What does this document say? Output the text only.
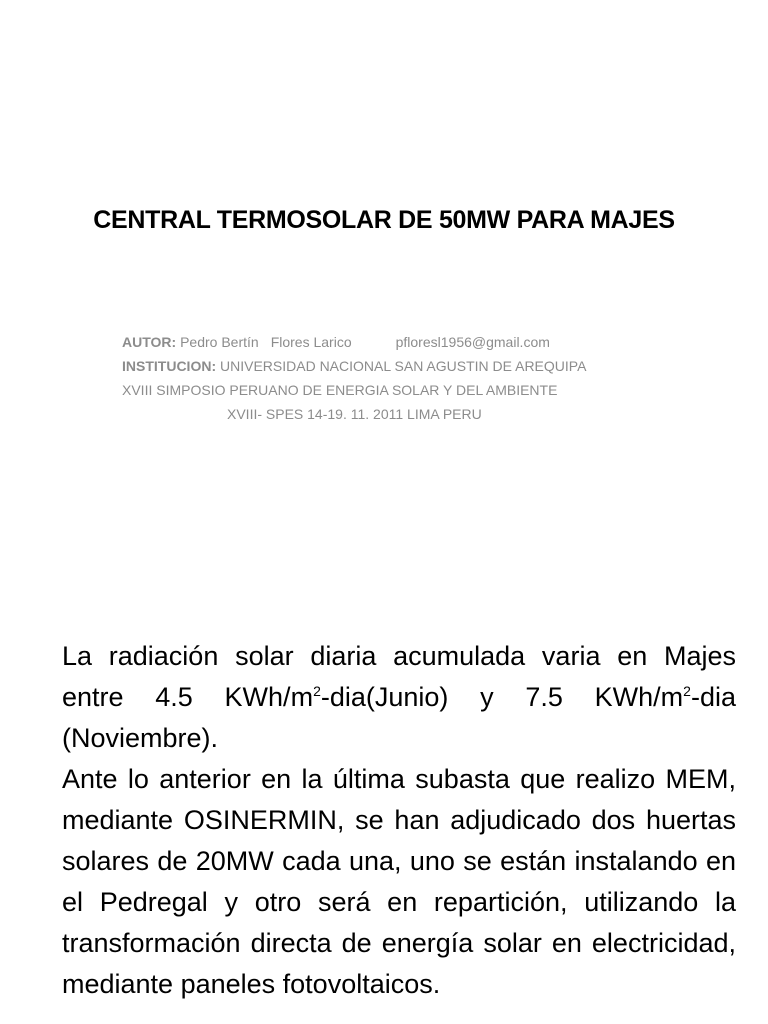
CENTRAL TERMOSOLAR DE 50MW PARA MAJES
AUTOR: Pedro Bertín Flores Larico	pfloresl1956@gmail.com
INSTITUCION: UNIVERSIDAD NACIONAL SAN AGUSTIN DE AREQUIPA
XVIII SIMPOSIO PERUANO DE ENERGIA SOLAR Y DEL AMBIENTE
XVIII- SPES 14-19. 11. 2011 LIMA PERU

La radiación solar diaria acumulada varia en Majes entre 4.5 KWh/$m^2-dia(Junio)$ y 7.5 KWh/$m^2$-dia (Noviembre).

Ante lo anterior en la última subasta que realizo MEM, mediante OSINERMIN, se han adjudicado dos huertas solares de 20MW cada una, uno se están instalando en el Pedregal y otro será en repartición, utilizando la transformación directa de energía solar en electricidad, mediante paneles fotovoltaicos.
